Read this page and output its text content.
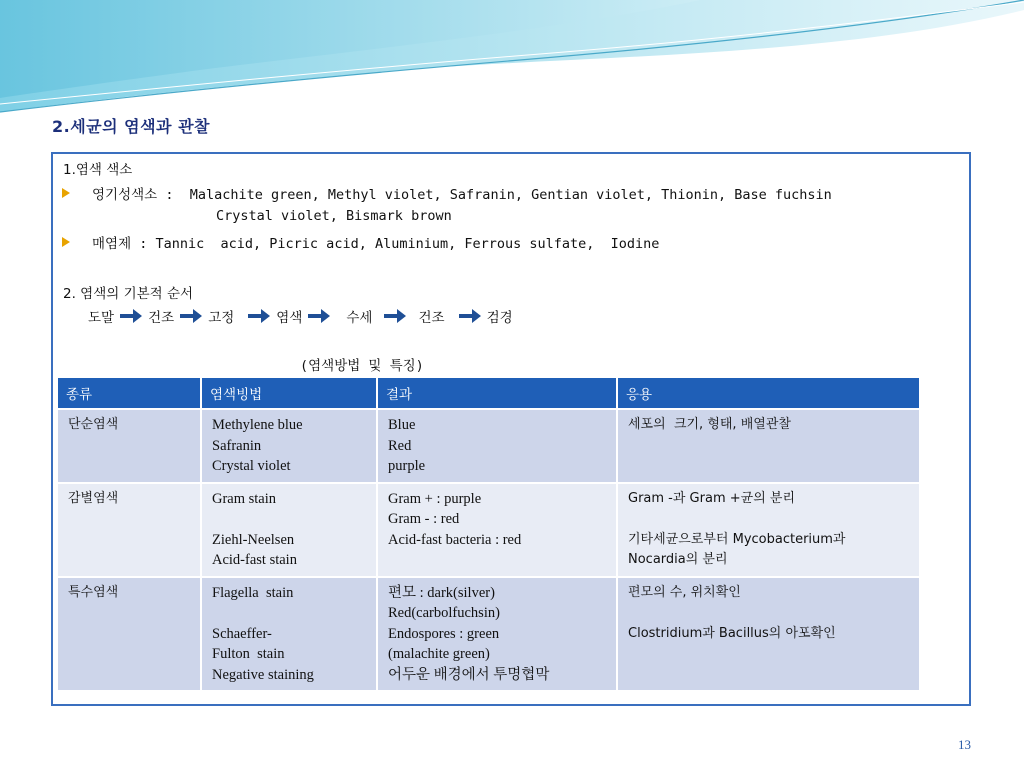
2.세균의 염색과 관찰
1.염색 색소
영기성색소 :  Malachite green, Methyl violet, Safranin, Gentian violet, Thionin, Base fuchsin
Crystal violet, Bismark brown
매염제 : Tannic  acid, Picric acid, Aluminium, Ferrous sulfate,  Iodine
2. 염색의 기본적 순서
도말	건조	고정	염색	수세	건조	검경
(염색방법 및 특징)
종류	염색빙법	결과	응용

단순염색	Methylene blue
Safranin
Crystal violet	Blue
Red
purple	세포의  크기, 형태, 배열관찰

감별염색	Gram stain
Ziehl-Neelsen
Acid-fast stain	Gram + : purple
Gram - : red
Acid-fast bacteria : red	Gram -과 Gram +균의 분리
기타세균으로부터 Mycobacterium과
Nocardia의 분리

특수염색	Flagella  stain
Schaeffer-
Fulton  stain
Negative staining	편모 : dark(silver)
Red(carbolfuchsin)
Endospores : green
(malachite green)
어두운 배경에서 투명협막	편모의 수, 위치확인
Clostridium과 Bacillus의 아포확인
13
